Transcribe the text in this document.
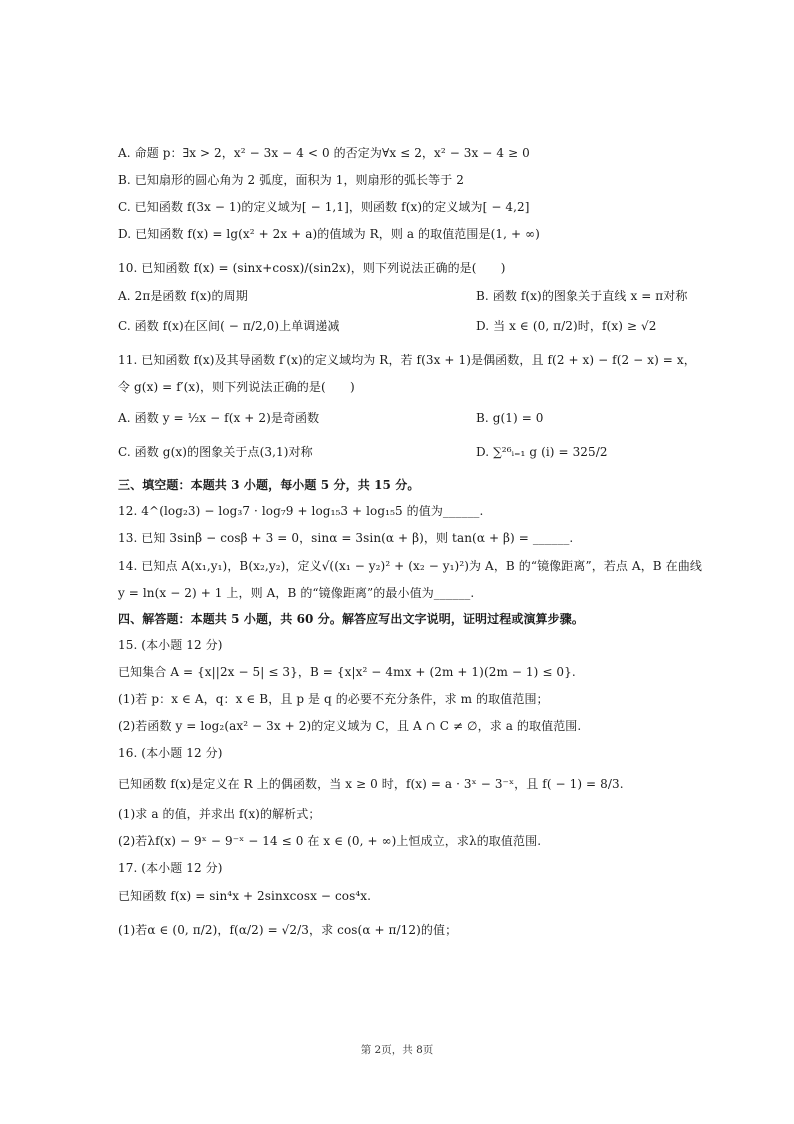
A. 命题 p：∃x > 2，x² − 3x − 4 < 0 的否定为∀x ≤ 2，x² − 3x − 4 ≥ 0
B. 已知扇形的圆心角为 2 弧度，面积为 1，则扇形的弧长等于 2
C. 已知函数 f(3x − 1)的定义域为[ − 1,1]，则函数 f(x)的定义域为[ − 4,2]
D. 已知函数 f(x) = lg(x² + 2x + a)的值域为 R，则 a 的取值范围是(1, + ∞)
10. 已知函数 f(x) = (sinx+cosx)/(sin2x)，则下列说法正确的是(　　)
A. 2π是函数 f(x)的周期	B. 函数 f(x)的图象关于直线 x = π对称
C. 函数 f(x)在区间( − π/2,0)上单调递减	D. 当 x ∈ (0, π/2)时，f(x) ≥ √2
11. 已知函数 f(x)及其导函数 f′(x)的定义域均为 R，若 f(3x + 1)是偶函数，且 f(2 + x) − f(2 − x) = x，
令 g(x) = f′(x)，则下列说法正确的是(　　)
A. 函数 y = ½x − f(x + 2)是奇函数	B. g(1) = 0
C. 函数 g(x)的图象关于点(3,1)对称	D. ∑²⁶ᵢ₌₁ g (i) = 325/2
三、填空题：本题共 3 小题，每小题 5 分，共 15 分。
12. 4^(log₂3) − log₃7 · log₇9 + log₁₅3 + log₁₅5 的值为______.
13. 已知 3sinβ − cosβ + 3 = 0，sinα = 3sin(α + β)，则 tan(α + β) = ______.
14. 已知点 A(x₁,y₁)，B(x₂,y₂)，定义√((x₁ − y₂)² + (x₂ − y₁)²)为 A，B 的“镜像距离”，若点 A，B 在曲线
y = ln(x − 2) + 1 上，则 A，B 的“镜像距离”的最小值为______.
四、解答题：本题共 5 小题，共 60 分。解答应写出文字说明，证明过程或演算步骤。
15. (本小题 12 分)
已知集合 A = {x||2x − 5| ≤ 3}，B = {x|x² − 4mx + (2m + 1)(2m − 1) ≤ 0}.
(1)若 p：x ∈ A，q：x ∈ B，且 p 是 q 的必要不充分条件，求 m 的取值范围；
(2)若函数 y = log₂(ax² − 3x + 2)的定义域为 C，且 A ∩ C ≠ ∅，求 a 的取值范围.
16. (本小题 12 分)
已知函数 f(x)是定义在 R 上的偶函数，当 x ≥ 0 时，f(x) = a · 3ˣ − 3⁻ˣ，且 f( − 1) = 8/3.
(1)求 a 的值，并求出 f(x)的解析式；
(2)若λf(x) − 9ˣ − 9⁻ˣ − 14 ≤ 0 在 x ∈ (0, + ∞)上恒成立，求λ的取值范围.
17. (本小题 12 分)
已知函数 f(x) = sin⁴x + 2sinxcosx − cos⁴x.
(1)若α ∈ (0, π/2)，f(α/2) = √2/3，求 cos(α + π/12)的值；
第 2页，共 8页
